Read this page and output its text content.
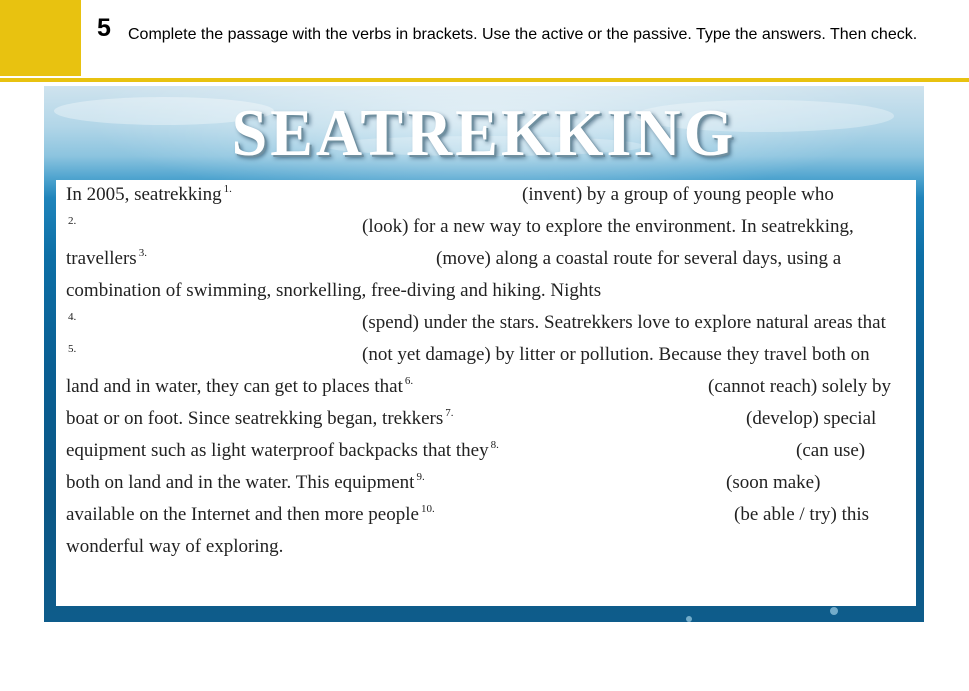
5 Complete the passage with the verbs in brackets. Use the active or the passive. Type the answers. Then check.
SEATREKKING
In 2005, seatrekking 1.	(invent) by a group of young people who
2.	(look) for a new way to explore the environment. In seatrekking,
travellers 3.	(move) along a coastal route for several days, using a
combination of swimming, snorkelling, free-diving and hiking. Nights
4.	(spend) under the stars. Seatrekkers love to explore natural areas that
5.	(not yet damage) by litter or pollution. Because they travel both on
land and in water, they can get to places that 6.	(cannot reach) solely by
boat or on foot. Since seatrekking began, trekkers 7.	(develop) special
equipment such as light waterproof backpacks that they 8.	(can use)
both on land and in the water. This equipment 9.	(soon make)
available on the Internet and then more people 10.	(be able / try) this
wonderful way of exploring.
